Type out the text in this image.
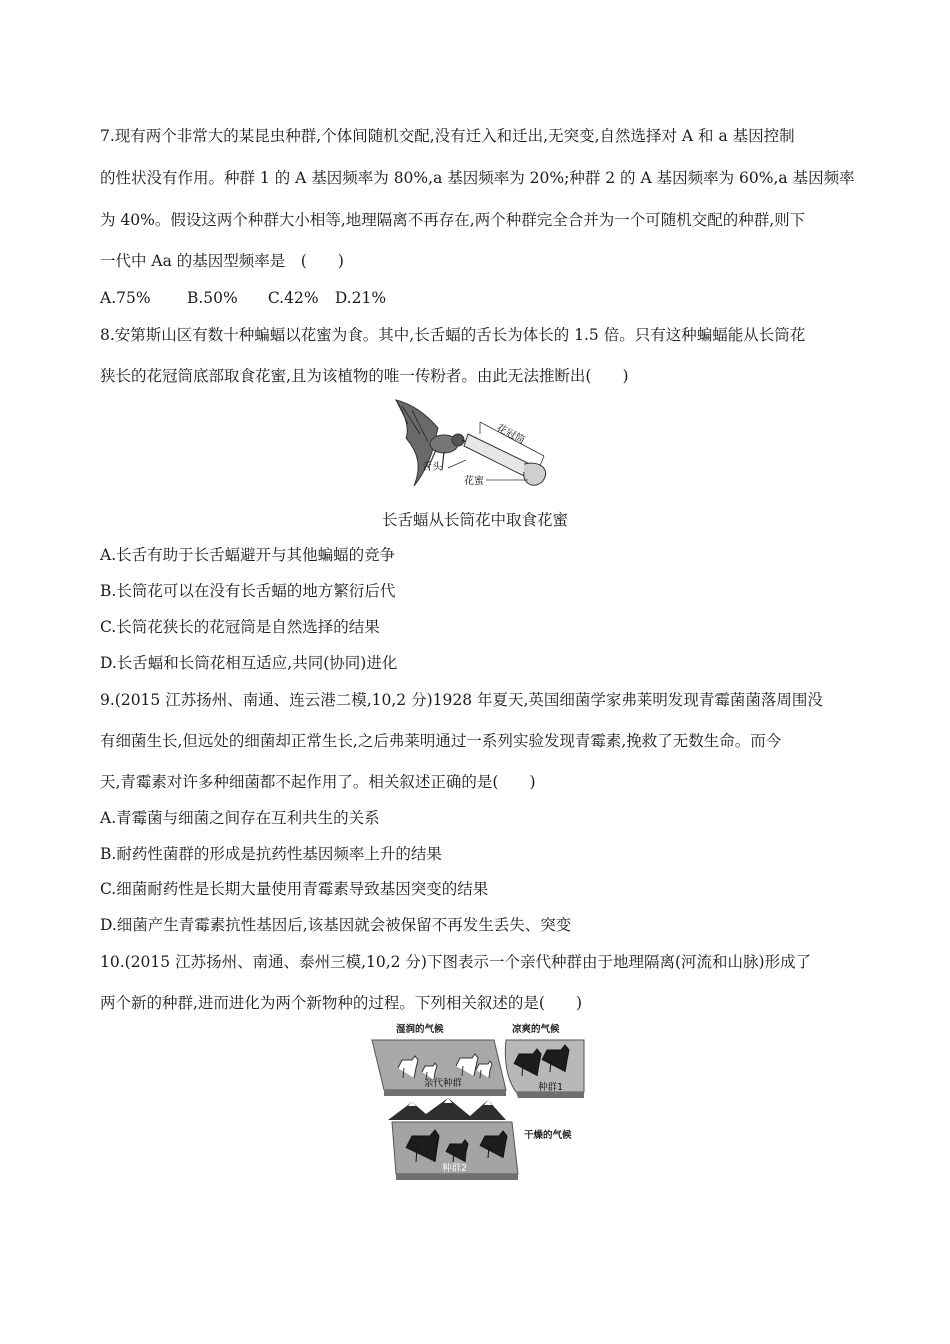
7.现有两个非常大的某昆虫种群,个体间随机交配,没有迁入和迁出,无突变,自然选择对 A 和 a 基因控制
的性状没有作用。种群 1 的 A 基因频率为 80%,a 基因频率为 20%;种群 2 的 A 基因频率为 60%,a 基因频率
为 40%。假设这两个种群大小相等,地理隔离不再存在,两个种群完全合并为一个可随机交配的种群,则下
一代中 Aa 的基因型频率是　(　　)
A.75% B.50% C.42% D.21%
8.安第斯山区有数十种蝙蝠以花蜜为食。其中,长舌蝠的舌长为体长的 1.5 倍。只有这种蝙蝠能从长筒花
狭长的花冠筒底部取食花蜜,且为该植物的唯一传粉者。由此无法推断出(　　)
花冠筒
舌头
花蜜
长舌蝠从长筒花中取食花蜜
A.长舌有助于长舌蝠避开与其他蝙蝠的竞争
B.长筒花可以在没有长舌蝠的地方繁衍后代
C.长筒花狭长的花冠筒是自然选择的结果
D.长舌蝠和长筒花相互适应,共同(协同)进化
9.(2015 江苏扬州、南通、连云港二模,10,2 分)1928 年夏天,英国细菌学家弗莱明发现青霉菌菌落周围没
有细菌生长,但远处的细菌却正常生长,之后弗莱明通过一系列实验发现青霉素,挽救了无数生命。而今
天,青霉素对许多种细菌都不起作用了。相关叙述正确的是(　　)
A.青霉菌与细菌之间存在互利共生的关系
B.耐药性菌群的形成是抗药性基因频率上升的结果
C.细菌耐药性是长期大量使用青霉素导致基因突变的结果
D.细菌产生青霉素抗性基因后,该基因就会被保留不再发生丢失、突变
10.(2015 江苏扬州、南通、泰州三模,10,2 分)下图表示一个亲代种群由于地理隔离(河流和山脉)形成了
两个新的种群,进而进化为两个新物种的过程。下列相关叙述的是(　　)
湿润的气候	凉爽的气候
亲代种群	种群1
干燥的气候
种群2
